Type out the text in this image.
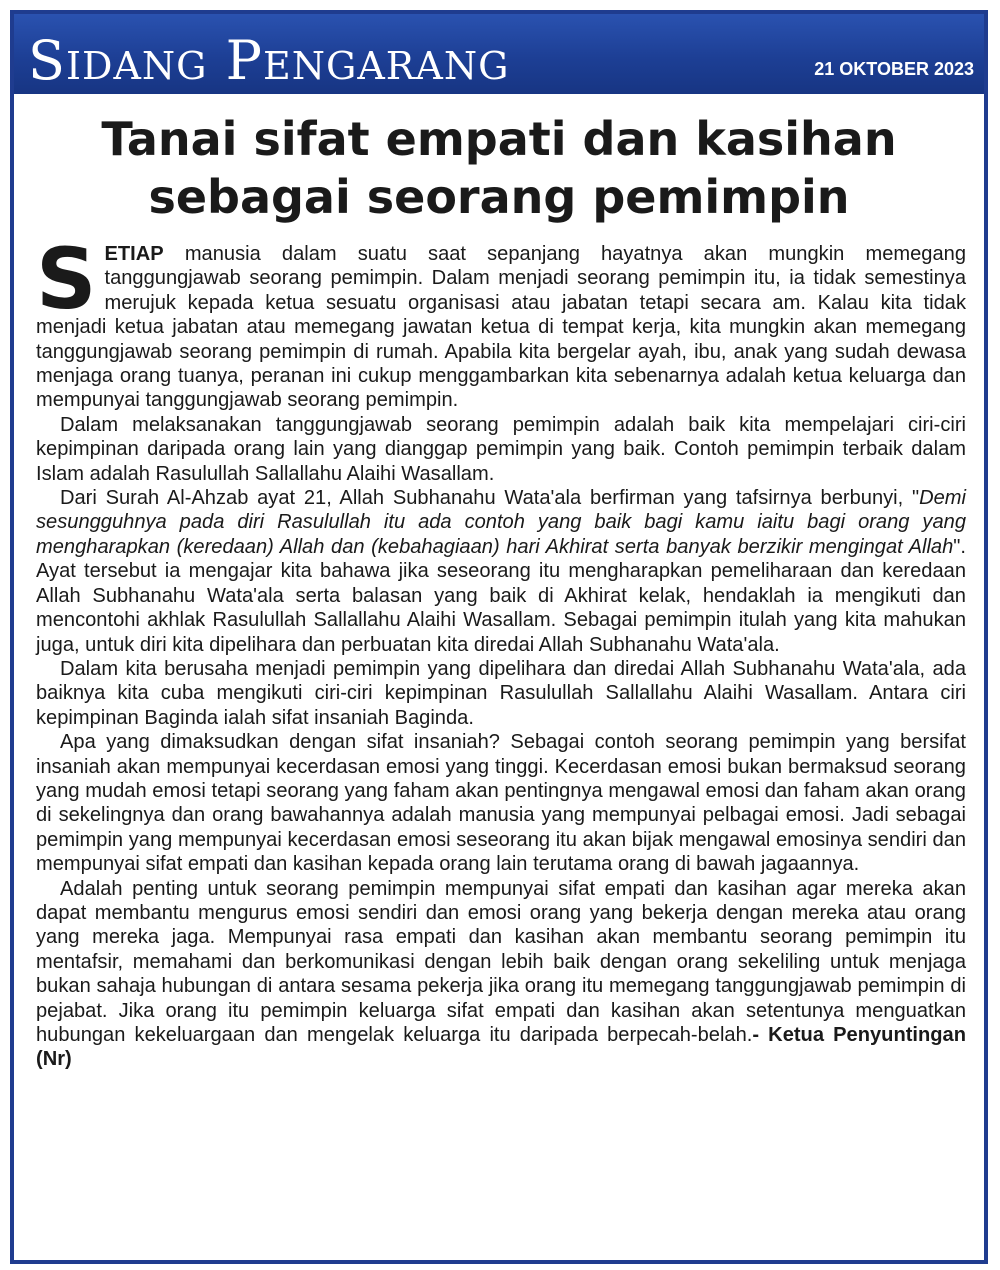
Sidang Pengarang	21 OKTOBER 2023
Tanai sifat empati dan kasihan sebagai seorang pemimpin

SETIAP manusia dalam suatu saat sepanjang hayatnya akan mungkin memegang tanggungjawab seorang pemimpin. Dalam menjadi seorang pemimpin itu, ia tidak semestinya merujuk kepada ketua sesuatu organisasi atau jabatan tetapi secara am. Kalau kita tidak menjadi ketua jabatan atau memegang jawatan ketua di tempat kerja, kita mungkin akan memegang tanggungjawab seorang pemimpin di rumah. Apabila kita bergelar ayah, ibu, anak yang sudah dewasa menjaga orang tuanya, peranan ini cukup menggambarkan kita sebenarnya adalah ketua keluarga dan mempunyai tanggungjawab seorang pemimpin.

Dalam melaksanakan tanggungjawab seorang pemimpin adalah baik kita mempelajari ciri-ciri kepimpinan daripada orang lain yang dianggap pemimpin yang baik. Contoh pemimpin terbaik dalam Islam adalah Rasulullah Sallallahu Alaihi Wasallam.

Dari Surah Al-Ahzab ayat 21, Allah Subhanahu Wata'ala berfirman yang tafsirnya berbunyi, "Demi sesungguhnya pada diri Rasulullah itu ada contoh yang baik bagi kamu iaitu bagi orang yang mengharapkan (keredaan) Allah dan (kebahagiaan) hari Akhirat serta banyak berzikir mengingat Allah". Ayat tersebut ia mengajar kita bahawa jika seseorang itu mengharapkan pemeliharaan dan keredaan Allah Subhanahu Wata'ala serta balasan yang baik di Akhirat kelak, hendaklah ia mengikuti dan mencontohi akhlak Rasulullah Sallallahu Alaihi Wasallam. Sebagai pemimpin itulah yang kita mahukan juga, untuk diri kita dipelihara dan perbuatan kita diredai Allah Subhanahu Wata'ala.

Dalam kita berusaha menjadi pemimpin yang dipelihara dan diredai Allah Subhanahu Wata'ala, ada baiknya kita cuba mengikuti ciri-ciri kepimpinan Rasulullah Sallallahu Alaihi Wasallam. Antara ciri kepimpinan Baginda ialah sifat insaniah Baginda.

Apa yang dimaksudkan dengan sifat insaniah? Sebagai contoh seorang pemimpin yang bersifat insaniah akan mempunyai kecerdasan emosi yang tinggi. Kecerdasan emosi bukan bermaksud seorang yang mudah emosi tetapi seorang yang faham akan pentingnya mengawal emosi dan faham akan orang di sekelingnya dan orang bawahannya adalah manusia yang mempunyai pelbagai emosi. Jadi sebagai pemimpin yang mempunyai kecerdasan emosi seseorang itu akan bijak mengawal emosinya sendiri dan mempunyai sifat empati dan kasihan kepada orang lain terutama orang di bawah jagaannya.

Adalah penting untuk seorang pemimpin mempunyai sifat empati dan kasihan agar mereka akan dapat membantu mengurus emosi sendiri dan emosi orang yang bekerja dengan mereka atau orang yang mereka jaga. Mempunyai rasa empati dan kasihan akan membantu seorang pemimpin itu mentafsir, memahami dan berkomunikasi dengan lebih baik dengan orang sekeliling untuk menjaga bukan sahaja hubungan di antara sesama pekerja jika orang itu memegang tanggungjawab pemimpin di pejabat. Jika orang itu pemimpin keluarga sifat empati dan kasihan akan setentunya menguatkan hubungan kekeluargaan dan mengelak keluarga itu daripada berpecah-belah.- Ketua Penyuntingan (Nr)
